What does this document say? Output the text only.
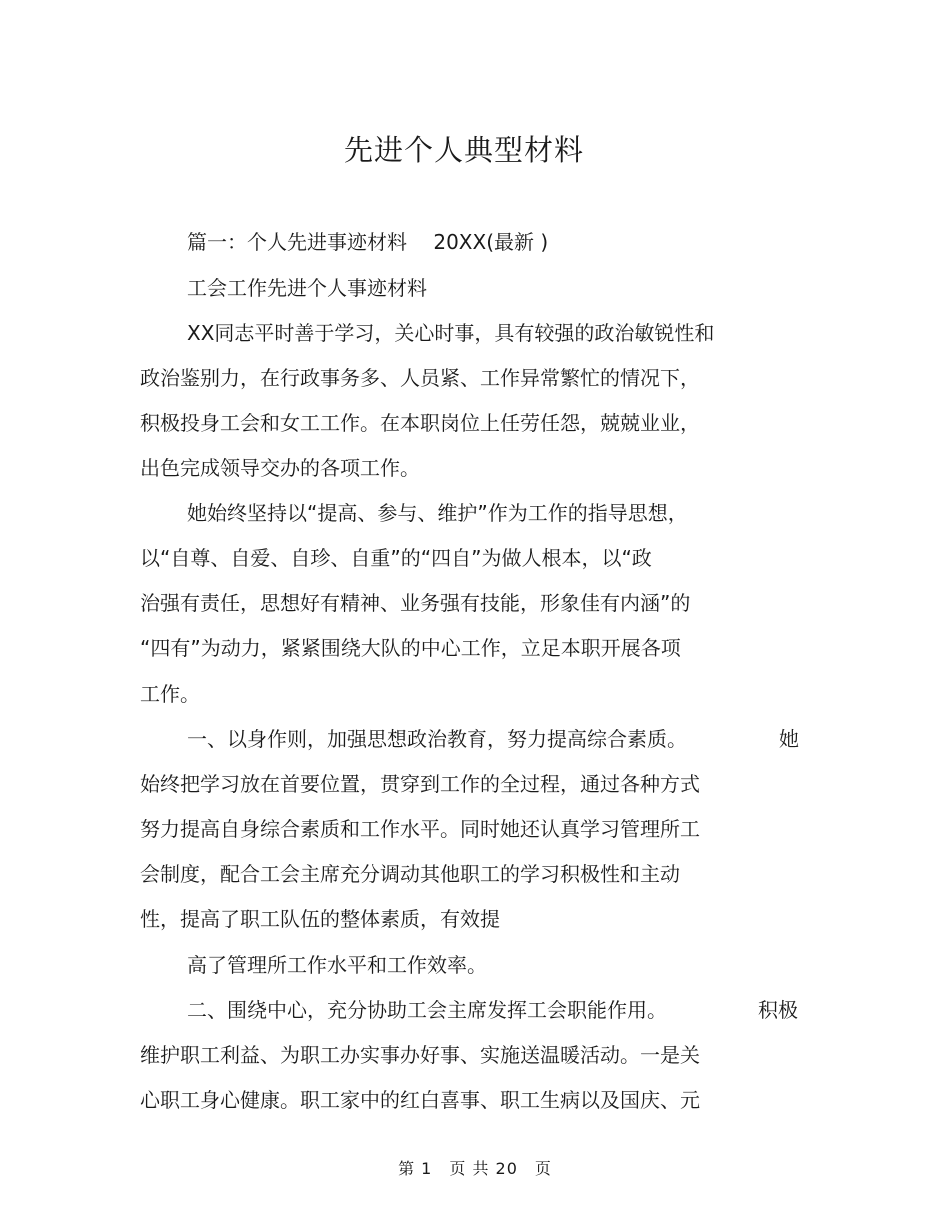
先进个人典型材料
篇一：个人先进事迹材料　 20XX(最新 )
工会工作先进个人事迹材料
XX同志平时善于学习，关心时事，具有较强的政治敏锐性和
政治鉴别力，在行政事务多、人员紧、工作异常繁忙的情况下，
积极投身工会和女工工作。在本职岗位上任劳任怨，兢兢业业，
出色完成领导交办的各项工作。
她始终坚持以“提高、参与、维护”作为工作的指导思想，
以“自尊、自爱、自珍、自重”的“四自”为做人根本，以“政
治强有责任，思想好有精神、业务强有技能，形象佳有内涵”的
“四有”为动力，紧紧围绕大队的中心工作，立足本职开展各项
工作。
一、以身作则，加强思想政治教育，努力提高综合素质。	她
始终把学习放在首要位置，贯穿到工作的全过程，通过各种方式
努力提高自身综合素质和工作水平。同时她还认真学习管理所工
会制度，配合工会主席充分调动其他职工的学习积极性和主动
性，提高了职工队伍的整体素质，有效提
高了管理所工作水平和工作效率。
二、围绕中心，充分协助工会主席发挥工会职能作用。	积极
维护职工利益、为职工办实事办好事、实施送温暖活动。一是关
心职工身心健康。职工家中的红白喜事、职工生病以及国庆、元
第 1　页 共 20　页
